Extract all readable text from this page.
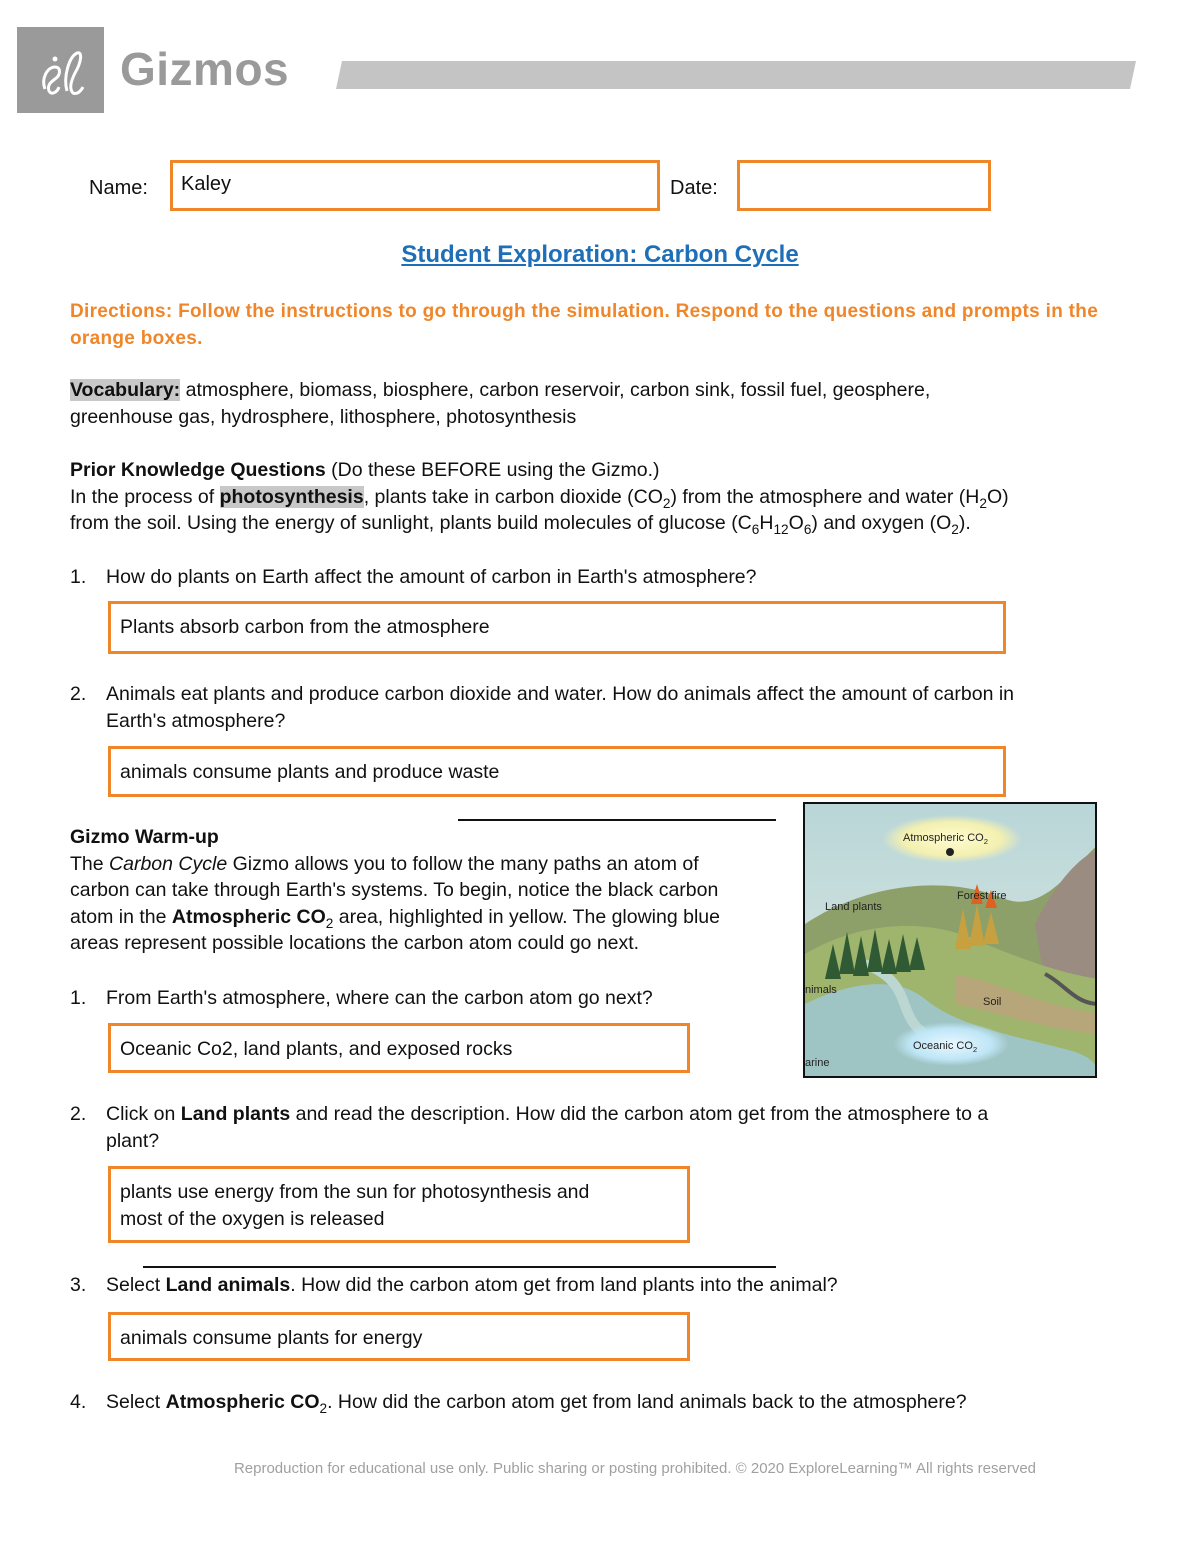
Gizmos
Name:	Kaley	Date:
Student Exploration: Carbon Cycle
Directions: Follow the instructions to go through the simulation. Respond to the questions and prompts in the orange boxes.
Vocabulary: atmosphere, biomass, biosphere, carbon reservoir, carbon sink, fossil fuel, geosphere,
greenhouse gas, hydrosphere, lithosphere, photosynthesis
Prior Knowledge Questions (Do these BEFORE using the Gizmo.)
In the process of photosynthesis, plants take in carbon dioxide $(CO_2)$ from the atmosphere and water $(H_2O)$
from the soil. Using the energy of sunlight, plants build molecules of glucose $(C_6H_{12}O_6)$ and oxygen $(O_2)$.
1. How do plants on Earth affect the amount of carbon in Earth's atmosphere?
Plants absorb carbon from the atmosphere
2. Animals eat plants and produce carbon dioxide and water. How do animals affect the amount of carbon in
Earth's atmosphere?
animals consume plants and produce waste
Gizmo Warm-up
The Carbon Cycle Gizmo allows you to follow the many paths an atom of
carbon can take through Earth's systems. To begin, notice the black carbon
atom in the Atmospheric $CO_2$ area, highlighted in yellow. The glowing blue
areas represent possible locations the carbon atom could go next.
Atmospheric $CO_2$
Forest fire
Land plants
nimals
Soil
Oceanic $CO_2$
arine
1. From Earth's atmosphere, where can the carbon atom go next?
Oceanic Co2, land plants, and exposed rocks
2. Click on Land plants and read the description. How did the carbon atom get from the atmosphere to a
plant?
plants use energy from the sun for photosynthesis and
most of the oxygen is released
3. Select Land animals. How did the carbon atom get from land plants into the animal?
animals consume plants for energy
4. Select Atmospheric $CO_2$. How did the carbon atom get from land animals back to the atmosphere?
Reproduction for educational use only. Public sharing or posting prohibited. © 2020 ExploreLearning™ All rights reserved
